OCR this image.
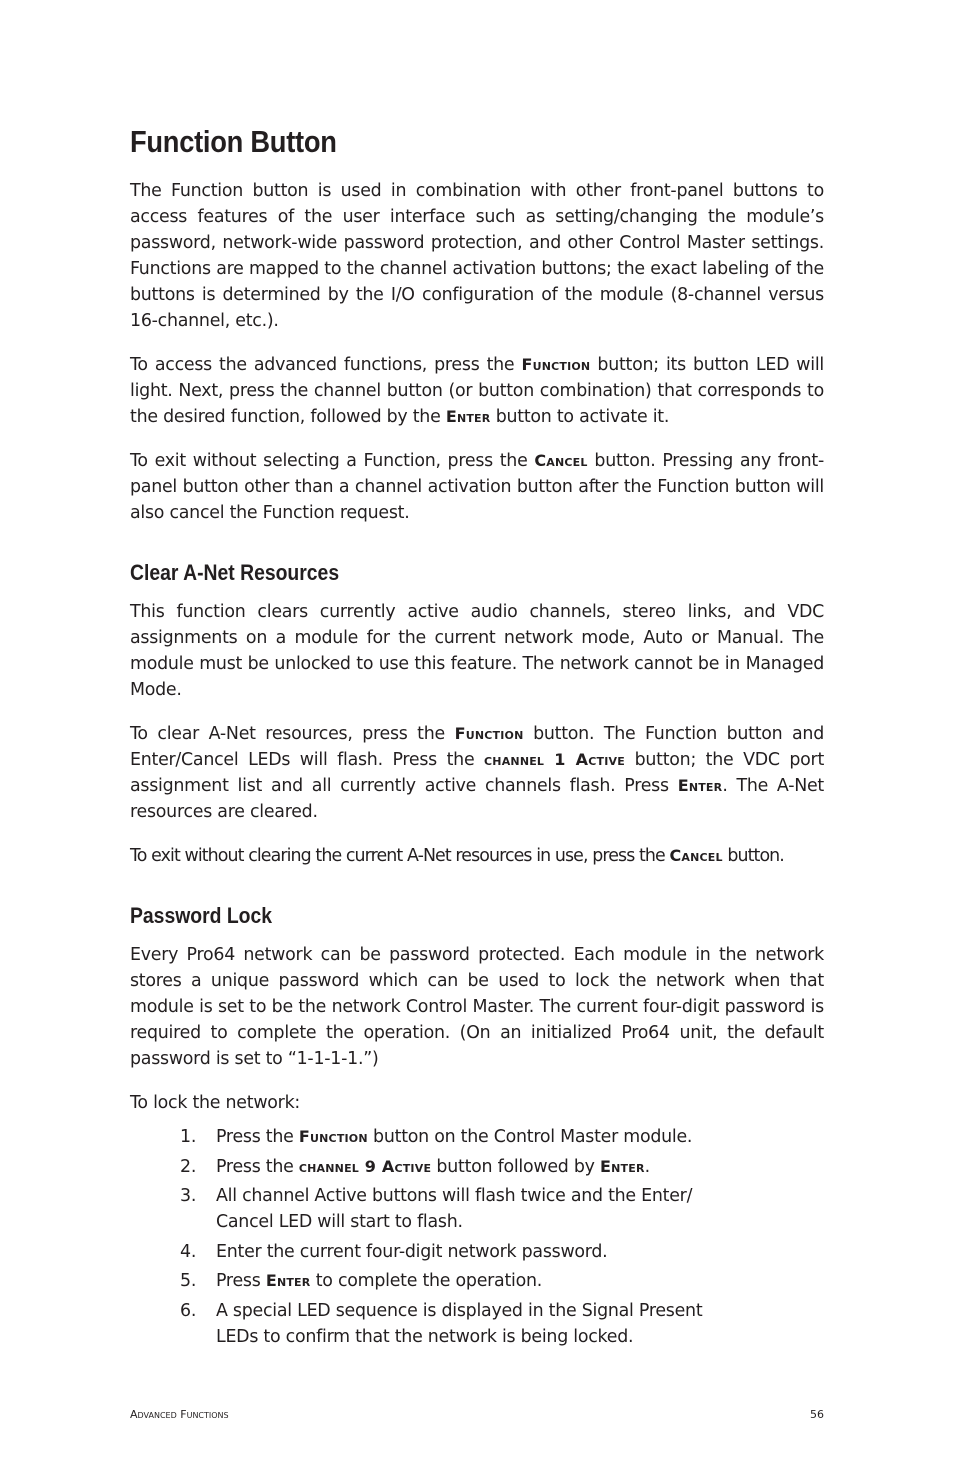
Function Button

The Function button is used in combination with other front-panel buttons to access features of the user interface such as setting/changing the module’s password, network-wide password protection, and other Control Master settings. Functions are mapped to the channel activation buttons; the exact labeling of the buttons is determined by the I/O configuration of the module (8-channel versus 16-channel, etc.).

To access the advanced functions, press the Function button; its button LED will light. Next, press the channel button (or button combination) that corresponds to the desired function, followed by the Enter button to activate it.

To exit without selecting a Function, press the Cancel button. Pressing any front-panel button other than a channel activation button after the Function button will also cancel the Function request.

Clear A-Net Resources

This function clears currently active audio channels, stereo links, and VDC assignments on a module for the current network mode, Auto or Manual. The module must be unlocked to use this feature. The network cannot be in Managed Mode.

To clear A-Net resources, press the Function button. The Function button and Enter/Cancel LEDs will flash. Press the channel 1 Active button; the VDC port assignment list and all currently active channels flash. Press Enter. The A-Net resources are cleared.

To exit without clearing the current A-Net resources in use, press the Cancel button.

Password Lock

Every Pro64 network can be password protected. Each module in the network stores a unique password which can be used to lock the network when that module is set to be the network Control Master. The current four-digit password is required to complete the operation. (On an initialized Pro64 unit, the default password is set to “1-1-1-1.”)

To lock the network:

1.	Press the Function button on the Control Master module.
2.	Press the channel 9 Active button followed by Enter.
3.	All channel Active buttons will flash twice and the Enter/ Cancel LED will start to flash.
4.	Enter the current four-digit network password.
5.	Press Enter to complete the operation.
6.	A special LED sequence is displayed in the Signal Present LEDs to confirm that the network is being locked.
Advanced Functions	56
